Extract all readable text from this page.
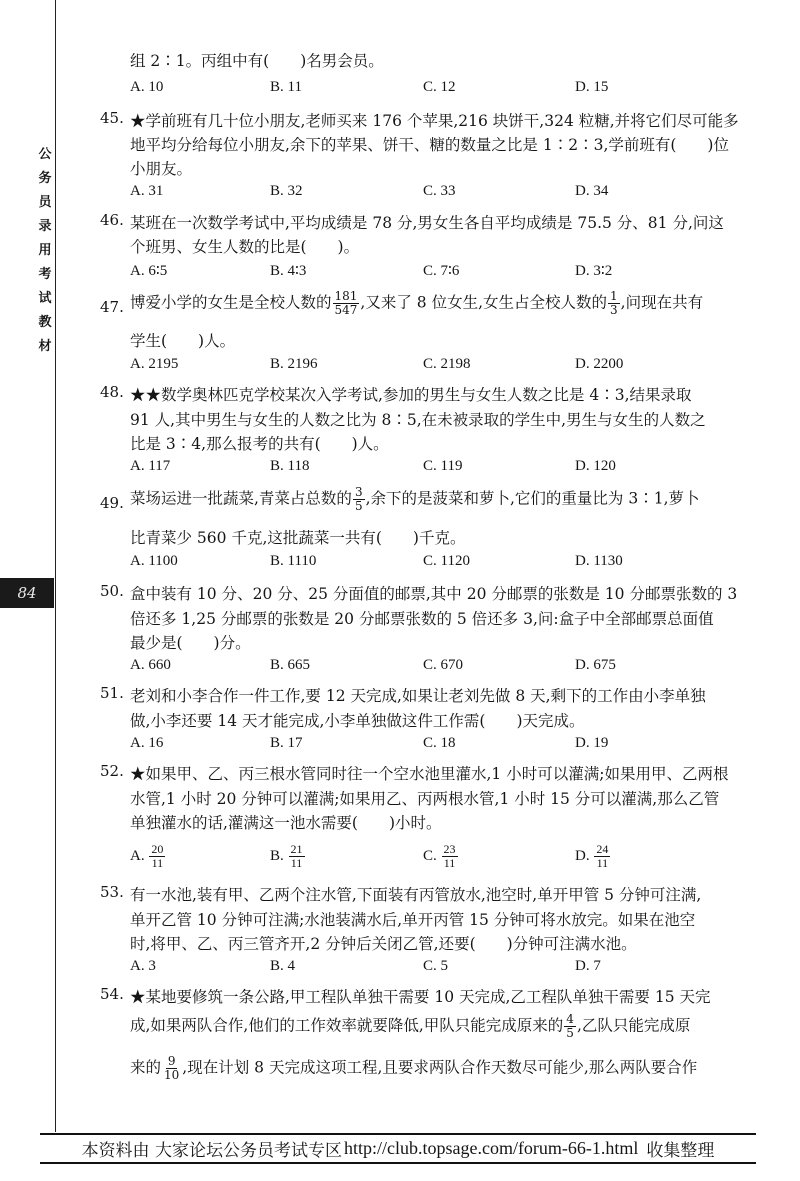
公
务
员
录
用
考
试
教
材
84
组 2∶1。丙组中有(　　)名男会员。
A. 10	B. 11	C. 12	D. 15
45. ★学前班有几十位小朋友,老师买来 176 个苹果,216 块饼干,324 粒糖,并将它们尽可能多
地平均分给每位小朋友,余下的苹果、饼干、糖的数量之比是 1∶2∶3,学前班有(　　)位
小朋友。
A. 31	B. 32	C. 33	D. 34
46. 某班在一次数学考试中,平均成绩是 78 分,男女生各自平均成绩是 75.5 分、81 分,问这
个班男、女生人数的比是(　　)。
A. 6∶5	B. 4∶3	C. 7∶6	D. 3∶2
47. 博爱小学的女生是全校人数的 $\frac{181}{547}$ ,又来了 8 位女生,女生占全校人数的 $\frac{1}{3}$ ,问现在共有
学生(　　)人。
A. 2195	B. 2196	C. 2198	D. 2200
48. ★★数学奥林匹克学校某次入学考试,参加的男生与女生人数之比是 4∶3,结果录取
91 人,其中男生与女生的人数之比为 8∶5,在未被录取的学生中,男生与女生的人数之
比是 3∶4,那么报考的共有(　　)人。
A. 117	B. 118	C. 119	D. 120
49. 菜场运进一批蔬菜,青菜占总数的 $\frac{3}{5}$ ,余下的是菠菜和萝卜,它们的重量比为 3∶1,萝卜
比青菜少 560 千克,这批蔬菜一共有(　　)千克。
A. 1100	B. 1110	C. 1120	D. 1130
50. 盒中装有 10 分、20 分、25 分面值的邮票,其中 20 分邮票的张数是 10 分邮票张数的 3
倍还多 1,25 分邮票的张数是 20 分邮票张数的 5 倍还多 3,问:盒子中全部邮票总面值
最少是(　　)分。
A. 660	B. 665	C. 670	D. 675
51. 老刘和小李合作一件工作,要 12 天完成,如果让老刘先做 8 天,剩下的工作由小李单独
做,小李还要 14 天才能完成,小李单独做这件工作需(　　)天完成。
A. 16	B. 17	C. 18	D. 19
52. ★如果甲、乙、丙三根水管同时往一个空水池里灌水,1 小时可以灌满;如果用甲、乙两根
水管,1 小时 20 分钟可以灌满;如果用乙、丙两根水管,1 小时 15 分可以灌满,那么乙管
单独灌水的话,灌满这一池水需要(　　)小时。
A. $\frac{20}{11}$	B. $\frac{21}{11}$	C. $\frac{23}{11}$	D. $\frac{24}{11}$
53. 有一水池,装有甲、乙两个注水管,下面装有丙管放水,池空时,单开甲管 5 分钟可注满,
单开乙管 10 分钟可注满;水池装满水后,单开丙管 15 分钟可将水放完。如果在池空
时,将甲、乙、丙三管齐开,2 分钟后关闭乙管,还要(　　)分钟可注满水池。
A. 3	B. 4	C. 5	D. 7
54. ★某地要修筑一条公路,甲工程队单独干需要 10 天完成,乙工程队单独干需要 15 天完
成,如果两队合作,他们的工作效率就要降低,甲队只能完成原来的 $\frac{4}{5}$ ,乙队只能完成原
来的 $\frac{9}{10}$ ,现在计划 8 天完成这项工程,且要求两队合作天数尽可能少,那么两队要合作
本资料由 大家论坛公务员考试专区 http://club.topsage.com/forum-66-1.html 收集整理
